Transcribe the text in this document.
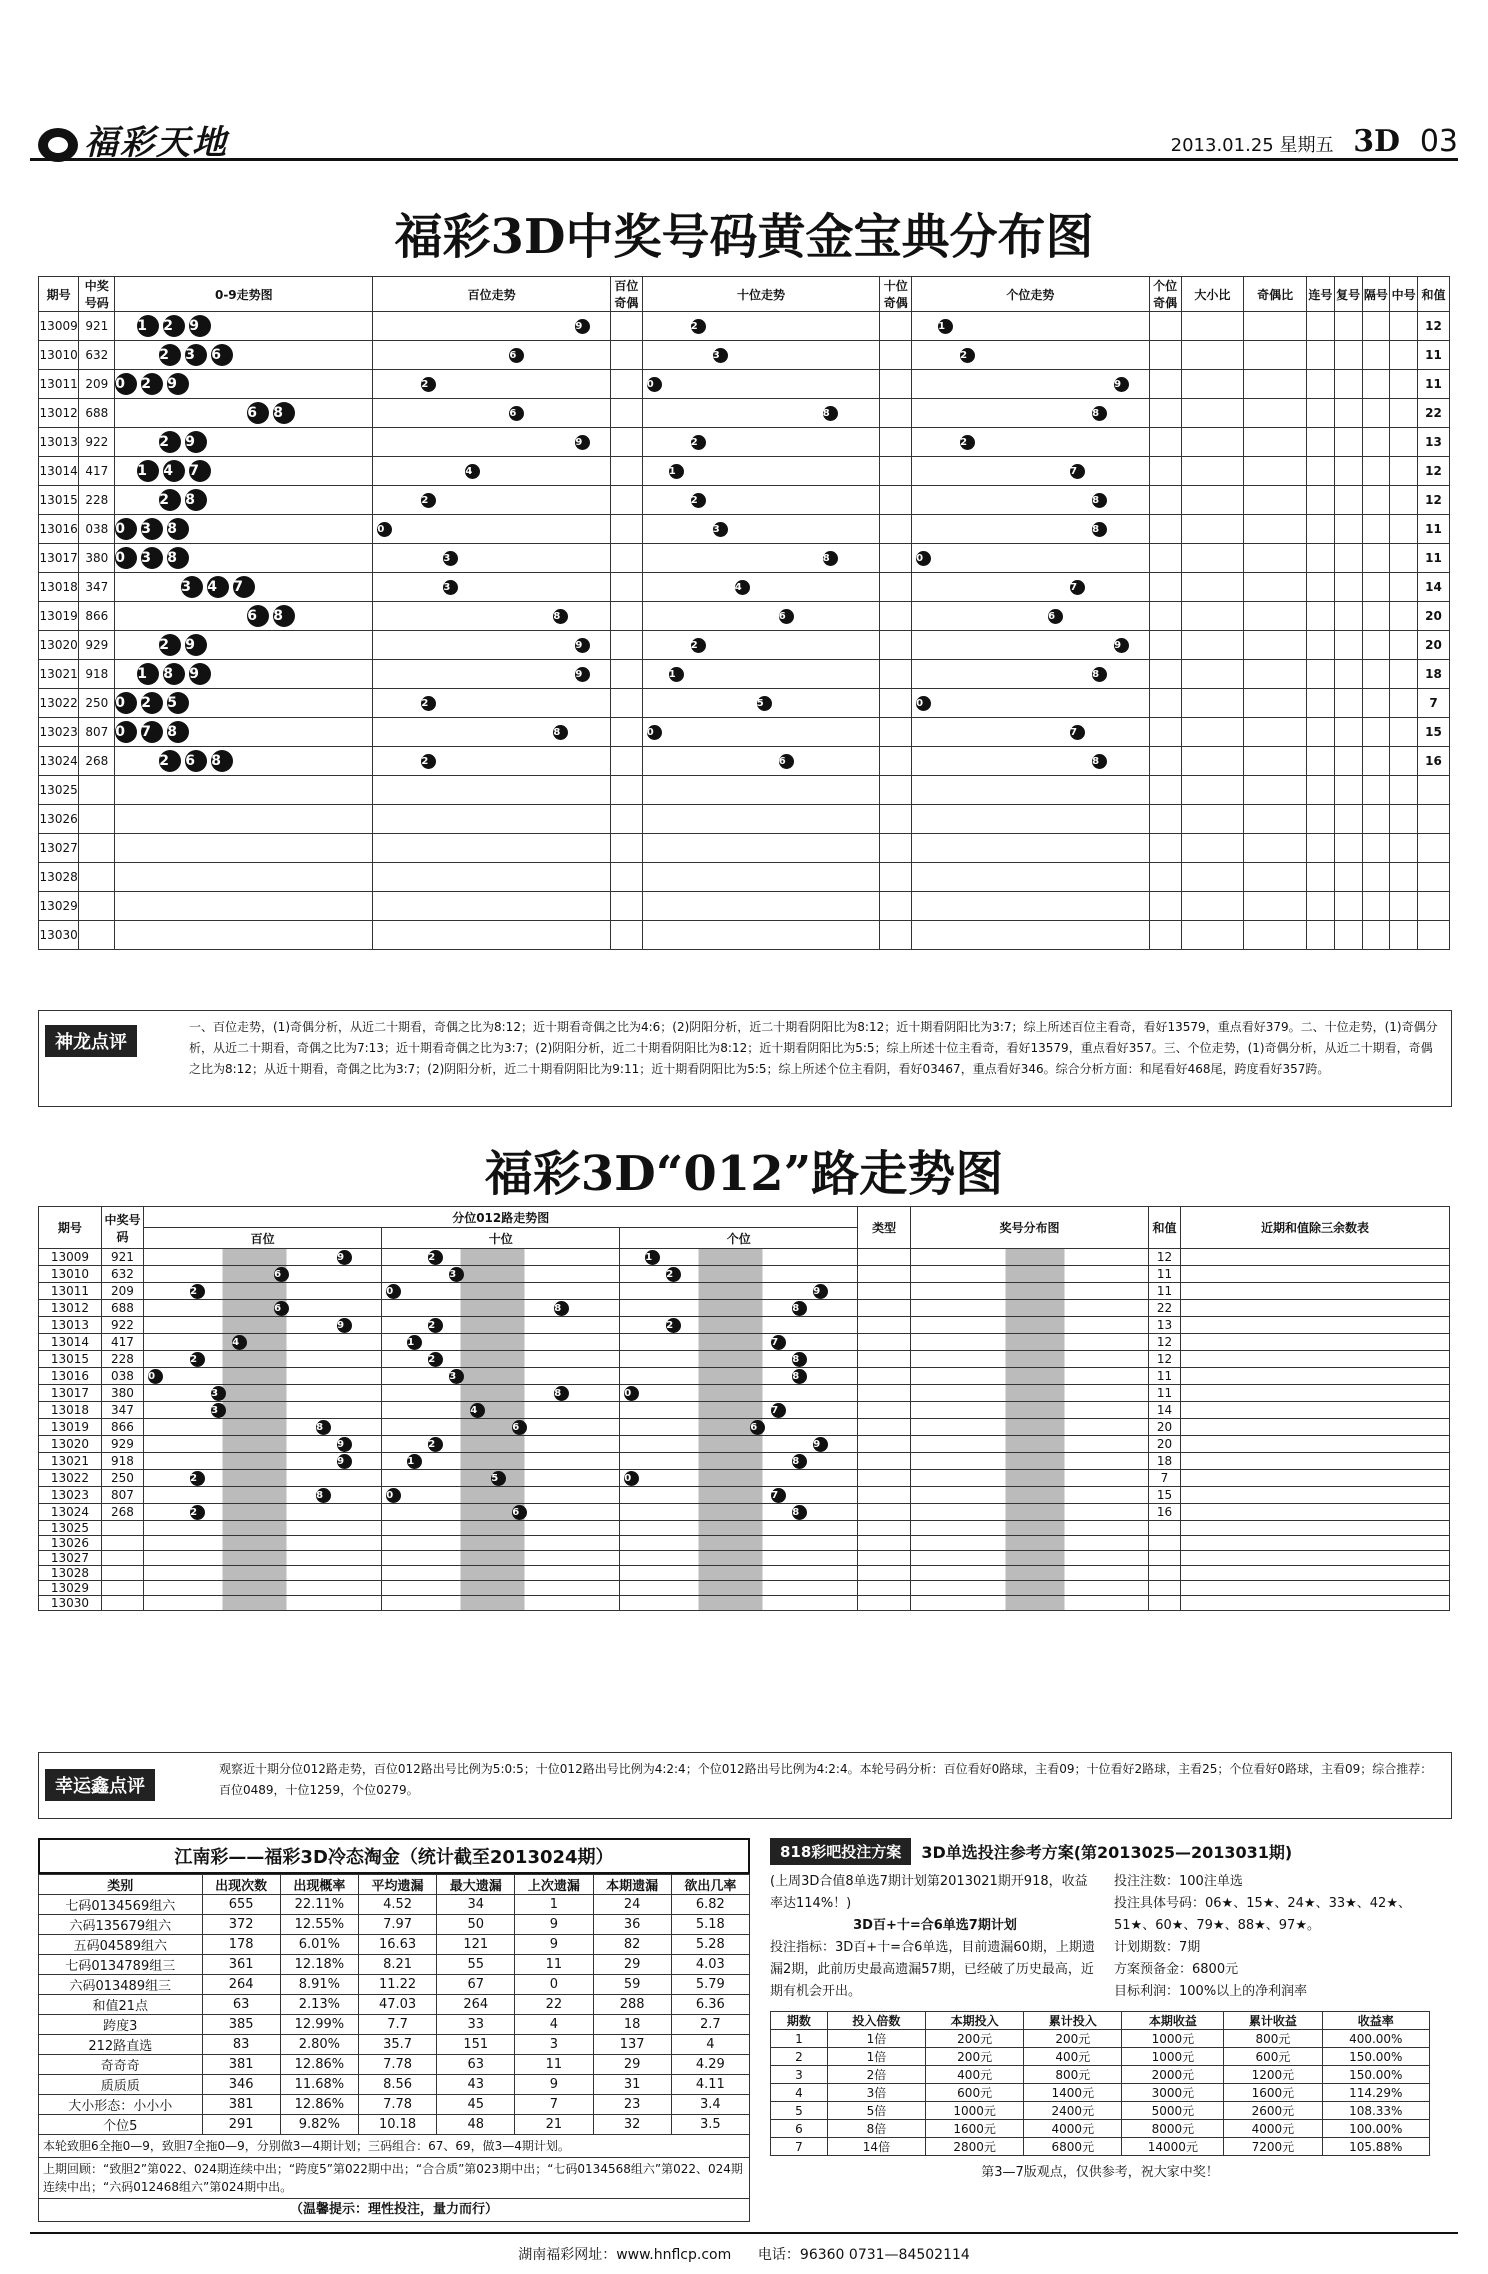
福彩天地	2013.01.25 星期五 3D 03
福彩3D中奖号码黄金宝典分布图
期号	中奖号码	0-9走势图	百位走势	百位奇偶	十位走势	十位奇偶	个位走势	个位奇偶	大小比	奇偶比	连号	复号	隔号	中号	和值
13009	921	1 2 9	9		2		1								12
13010	632	2 3 6	6		3		2								11
13011	209	0 2 9	2		0		9								11
13012	688	6 8	6		8		8								22
13013	922	2 9	9		2		2								13
13014	417	1 4 7	4		1		7								12
13015	228	2 8	2		2		8								12
13016	038	0 3 8	0		3		8								11
13017	380	0 3 8	3		8		0								11
13018	347	3 4 7	3		4		7								14
13019	866	6 8	8		6		6								20
13020	929	2 9	9		2		9								20
13021	918	1 8 9	9		1		8								18
13022	250	0 2 5	2		5		0								7
13023	807	0 7 8	8		0		7								15
13024	268	2 6 8	2		6		8								16
13025															
13026															
13027															
13028															
13029															
13030															
神龙点评
一、百位走势，(1)奇偶分析，从近二十期看，奇偶之比为8:12；近十期看奇偶之比为4:6；(2)阴阳分析，近二十期看阴阳比为8:12；近十期看阴阳比为3:7；综上所述百位主看奇，看好13579，重点看好379。二、十位走势，(1)奇偶分析，从近二十期看，奇偶之比为7:13；近十期看奇偶之比为3:7；(2)阴阳分析，近二十期看阴阳比为8:12；近十期看阴阳比为5:5；综上所述十位主看奇，看好13579，重点看好357。三、个位走势，(1)奇偶分析，从近二十期看，奇偶之比为8:12；从近十期看，奇偶之比为3:7；(2)阴阳分析，近二十期看阴阳比为9:11；近十期看阴阳比为5:5；综上所述个位主看阴，看好03467，重点看好346。综合分析方面：和尾看好468尾，跨度看好357跨。
福彩3D“012”路走势图
期号	中奖号码	分位012路走势图			类型	奖号分布图	和值	近期和值除三余数表
		百位	十位	个位				
13009	921	9	2	1			12	
13010	632	6	3	2			11	
13011	209	2	0	9			11	
13012	688	6	8	8			22	
13013	922	9	2	2			13	
13014	417	4	1	7			12	
13015	228	2	2	8			12	
13016	038	0	3	8			11	
13017	380	3	8	0			11	
13018	347	3	4	7			14	
13019	866	8	6	6			20	
13020	929	9	2	9			20	
13021	918	9	1	8			18	
13022	250	2	5	0			7	
13023	807	8	0	7			15	
13024	268	2	6	8			16	
13025								
13026								
13027								
13028								
13029								
13030								
幸运鑫点评
观察近十期分位012路走势，百位012路出号比例为5:0:5；十位012路出号比例为4:2:4；个位012路出号比例为4:2:4。本轮号码分析：百位看好0路球，主看09；十位看好2路球，主看25；个位看好0路球，主看09；综合推荐：百位0489，十位1259，个位0279。
江南彩——福彩3D冷态淘金（统计截至2013024期）
类别	出现次数	出现概率	平均遗漏	最大遗漏	上次遗漏	本期遗漏	欲出几率
七码0134569组六	655	22.11%	4.52	34	1	24	6.82
六码135679组六	372	12.55%	7.97	50	9	36	5.18
五码04589组六	178	6.01%	16.63	121	9	82	5.28
七码0134789组三	361	12.18%	8.21	55	11	29	4.03
六码013489组三	264	8.91%	11.22	67	0	59	5.79
和值21点	63	2.13%	47.03	264	22	288	6.36
跨度3	385	12.99%	7.7	33	4	18	2.7
212路直选	83	2.80%	35.7	151	3	137	4
奇奇奇	381	12.86%	7.78	63	11	29	4.29
质质质	346	11.68%	8.56	43	9	31	4.11
大小形态：小小小	381	12.86%	7.78	45	7	23	3.4
个位5	291	9.82%	10.18	48	21	32	3.5
本轮致胆6全拖0—9，致胆7全拖0—9，分别做3—4期计划；三码组合：67、69，做3—4期计划。
上期回顾：“致胆2”第022、024期连续中出；“跨度5”第022期中出；“合合质”第023期中出；“七码0134568组六”第022、024期连续中出；“六码012468组六”第024期中出。
（温馨提示：理性投注，量力而行）
818彩吧投注方案	3D单选投注参考方案(第2013025—2013031期)
(上周3D合值8单选7期计划第2013021期开918，收益率达114%！)
3D百+十=合6单选7期计划
投注指标：3D百+十=合6单选，目前遗漏60期，上期遗漏2期，此前历史最高遗漏57期，已经破了历史最高，近期有机会开出。
投注注数：100注单选
投注具体号码：06★、15★、24★、33★、42★、51★、60★、79★、88★、97★。
计划期数：7期
方案预备金：6800元
目标利润：100%以上的净利润率
期数	投入倍数	本期投入	累计投入	本期收益	累计收益	收益率
1	1倍	200元	200元	1000元	800元	400.00%
2	1倍	200元	400元	1000元	600元	150.00%
3	2倍	400元	800元	2000元	1200元	150.00%
4	3倍	600元	1400元	3000元	1600元	114.29%
5	5倍	1000元	2400元	5000元	2600元	108.33%
6	8倍	1600元	4000元	8000元	4000元	100.00%
7	14倍	2800元	6800元	14000元	7200元	105.88%
第3—7版观点，仅供参考，祝大家中奖！
湖南福彩网址：www.hnflcp.com 电话：96360 0731—84502114
